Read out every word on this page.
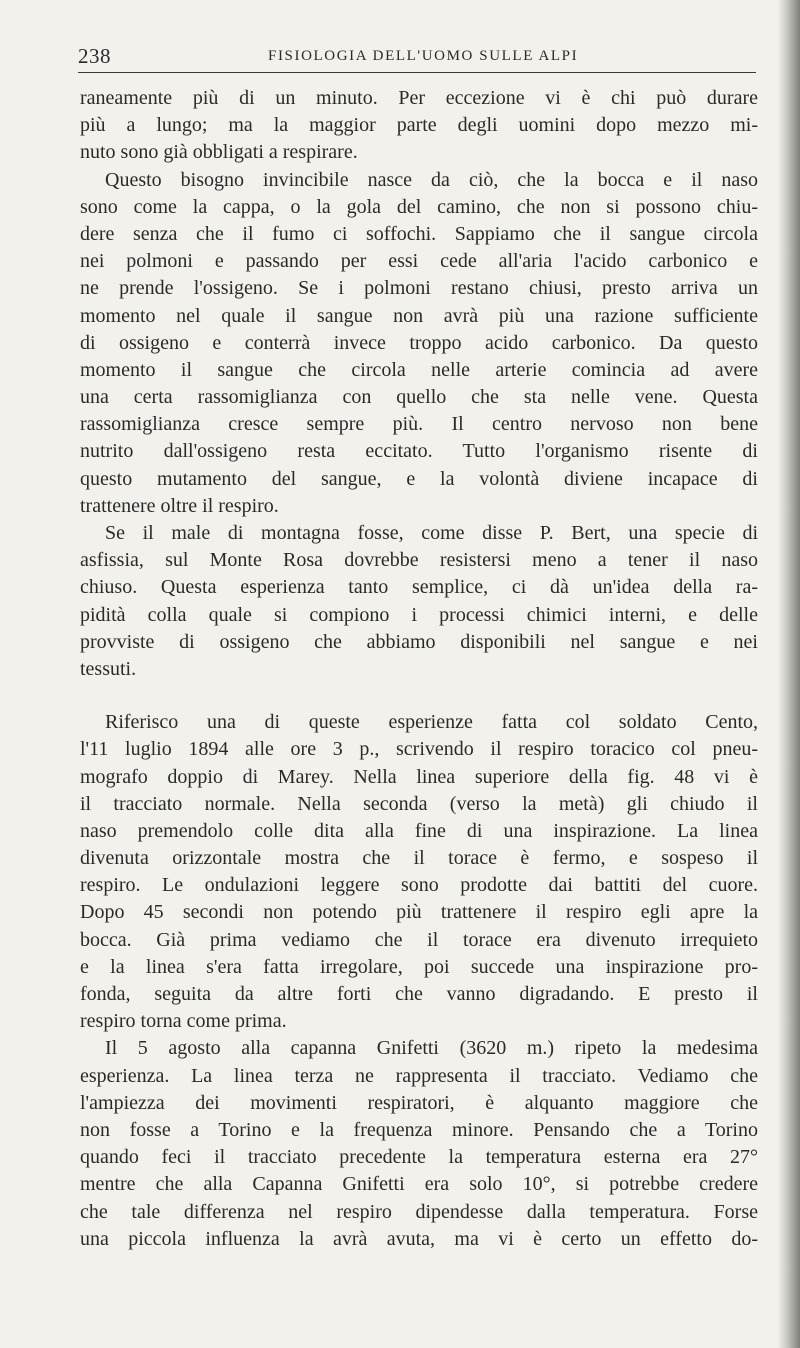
238	FISIOLOGIA DELL'UOMO SULLE ALPI
raneamente più di un minuto. Per eccezione vi è chi può durare
più a lungo; ma la maggior parte degli uomini dopo mezzo mi-
nuto sono già obbligati a respirare.
Questo bisogno invincibile nasce da ciò, che la bocca e il naso
sono come la cappa, o la gola del camino, che non si possono chiu-
dere senza che il fumo ci soffochi. Sappiamo che il sangue circola
nei polmoni e passando per essi cede all'aria l'acido carbonico e
ne prende l'ossigeno. Se i polmoni restano chiusi, presto arriva un
momento nel quale il sangue non avrà più una razione sufficiente
di ossigeno e conterrà invece troppo acido carbonico. Da questo
momento il sangue che circola nelle arterie comincia ad avere
una certa rassomiglianza con quello che sta nelle vene. Questa
rassomiglianza cresce sempre più. Il centro nervoso non bene
nutrito dall'ossigeno resta eccitato. Tutto l'organismo risente di
questo mutamento del sangue, e la volontà diviene incapace di
trattenere oltre il respiro.
Se il male di montagna fosse, come disse P. Bert, una specie di
asfissia, sul Monte Rosa dovrebbe resistersi meno a tener il naso
chiuso. Questa esperienza tanto semplice, ci dà un'idea della ra-
pidità colla quale si compiono i processi chimici interni, e delle
provviste di ossigeno che abbiamo disponibili nel sangue e nei
tessuti.
Riferisco una di queste esperienze fatta col soldato Cento,
l'11 luglio 1894 alle ore 3 p., scrivendo il respiro toracico col pneu-
mografo doppio di Marey. Nella linea superiore della fig. 48 vi è
il tracciato normale. Nella seconda (verso la metà) gli chiudo il
naso premendolo colle dita alla fine di una inspirazione. La linea
divenuta orizzontale mostra che il torace è fermo, e sospeso il
respiro. Le ondulazioni leggere sono prodotte dai battiti del cuore.
Dopo 45 secondi non potendo più trattenere il respiro egli apre la
bocca. Già prima vediamo che il torace era divenuto irrequieto
e la linea s'era fatta irregolare, poi succede una inspirazione pro-
fonda, seguita da altre forti che vanno digradando. E presto il
respiro torna come prima.
Il 5 agosto alla capanna Gnifetti (3620 m.) ripeto la medesima
esperienza. La linea terza ne rappresenta il tracciato. Vediamo che
l'ampiezza dei movimenti respiratori, è alquanto maggiore che
non fosse a Torino e la frequenza minore. Pensando che a Torino
quando feci il tracciato precedente la temperatura esterna era 27°
mentre che alla Capanna Gnifetti era solo 10°, si potrebbe credere
che tale differenza nel respiro dipendesse dalla temperatura. Forse
una piccola influenza la avrà avuta, ma vi è certo un effetto do-
